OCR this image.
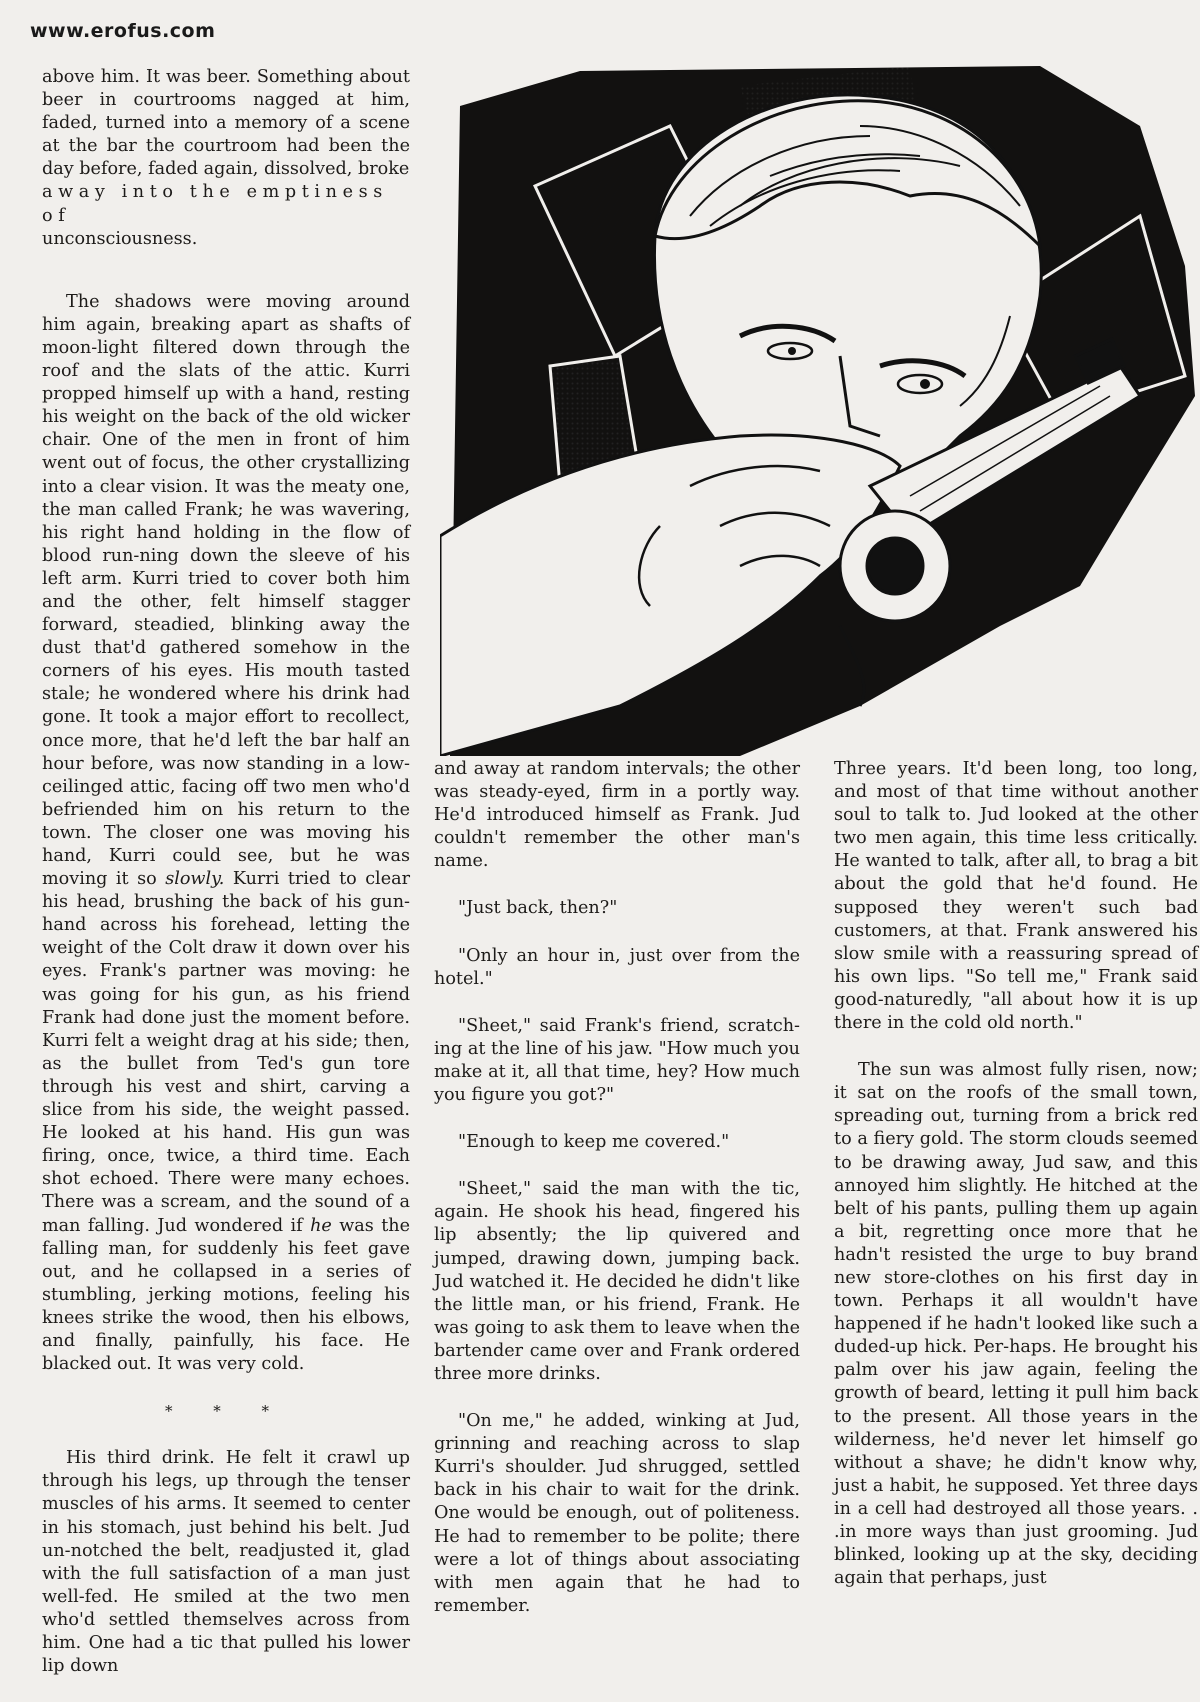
www.erofus.com

above him. It was beer. Something about beer in courtrooms nagged at him, faded, turned into a memory of a scene at the bar the courtroom had been the day before, faded again, dissolved, broke

away into the emptiness of

unconsciousness.

The shadows were moving around him again, breaking apart as shafts of moon-light filtered down through the roof and the slats of the attic. Kurri propped himself up with a hand, resting his weight on the back of the old wicker chair. One of the men in front of him went out of focus, the other crystallizing into a clear vision. It was the meaty one, the man called Frank; he was wavering, his right hand holding in the flow of blood run-ning down the sleeve of his left arm. Kurri tried to cover both him and the other, felt himself stagger forward, steadied, blinking away the dust that'd gathered somehow in the corners of his eyes. His mouth tasted stale; he wondered where his drink had gone. It took a major effort to recollect, once more, that he'd left the bar half an hour before, was now standing in a low-ceilinged attic, facing off two men who'd befriended him on his return to the town. The closer one was moving his hand, Kurri could see, but he was moving it so slowly. Kurri tried to clear his head, brushing the back of his gun-hand across his forehead, letting the weight of the Colt draw it down over his eyes. Frank's partner was moving: he was going for his gun, as his friend Frank had done just the moment before. Kurri felt a weight drag at his side; then, as the bullet from Ted's gun tore through his vest and shirt, carving a slice from his side, the weight passed. He looked at his hand. His gun was firing, once, twice, a third time. Each shot echoed. There were many echoes. There was a scream, and the sound of a man falling. Jud wondered if he was the falling man, for suddenly his feet gave out, and he collapsed in a series of stumbling, jerking motions, feeling his knees strike the wood, then his elbows, and finally, painfully, his face. He blacked out. It was very cold.

* * *

His third drink. He felt it crawl up through his legs, up through the tenser muscles of his arms. It seemed to center in his stomach, just behind his belt. Jud un-notched the belt, readjusted it, glad with the full satisfaction of a man just well-fed. He smiled at the two men who'd settled themselves across from him. One had a tic that pulled his lower lip down

and away at random intervals; the other was steady-eyed, firm in a portly way. He'd introduced himself as Frank. Jud couldn't remember the other man's name.

"Just back, then?"

"Only an hour in, just over from the hotel."

"Sheet," said Frank's friend, scratch-ing at the line of his jaw. "How much you make at it, all that time, hey? How much you figure you got?"

"Enough to keep me covered."

"Sheet," said the man with the tic, again. He shook his head, fingered his lip absently; the lip quivered and jumped, drawing down, jumping back. Jud watched it. He decided he didn't like the little man, or his friend, Frank. He was going to ask them to leave when the bartender came over and Frank ordered three more drinks.

"On me," he added, winking at Jud, grinning and reaching across to slap Kurri's shoulder. Jud shrugged, settled back in his chair to wait for the drink. One would be enough, out of politeness. He had to remember to be polite; there were a lot of things about associating with men again that he had to remember.

Three years. It'd been long, too long, and most of that time without another soul to talk to. Jud looked at the other two men again, this time less critically. He wanted to talk, after all, to brag a bit about the gold that he'd found. He supposed they weren't such bad customers, at that. Frank answered his slow smile with a reassuring spread of his own lips. "So tell me," Frank said good-naturedly, "all about how it is up there in the cold old north."

The sun was almost fully risen, now; it sat on the roofs of the small town, spreading out, turning from a brick red to a fiery gold. The storm clouds seemed to be drawing away, Jud saw, and this annoyed him slightly. He hitched at the belt of his pants, pulling them up again a bit, regretting once more that he hadn't resisted the urge to buy brand new store-clothes on his first day in town. Perhaps it all wouldn't have happened if he hadn't looked like such a duded-up hick. Per-haps. He brought his palm over his jaw again, feeling the growth of beard, letting it pull him back to the present. All those years in the wilderness, he'd never let himself go without a shave; he didn't know why, just a habit, he supposed. Yet three days in a cell had destroyed all those years. . .in more ways than just grooming. Jud blinked, looking up at the sky, deciding again that perhaps, just
